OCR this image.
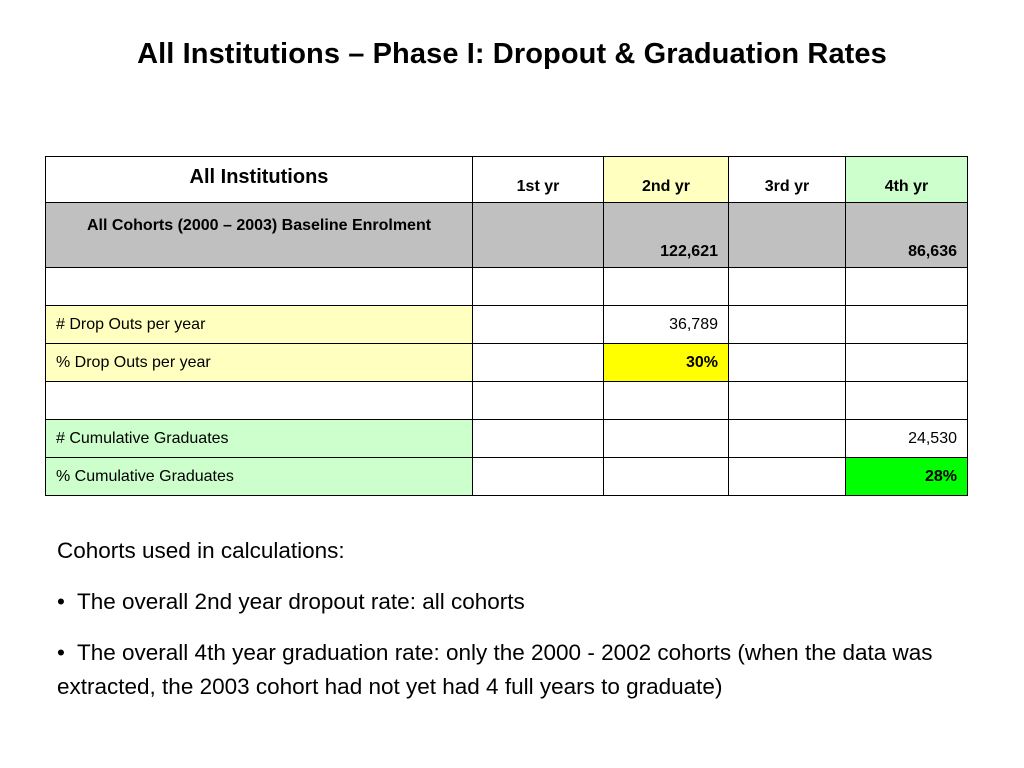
All Institutions – Phase I: Dropout & Graduation Rates
All Institutions	1st yr	2nd yr	3rd yr	4th yr
All Cohorts (2000 – 2003) Baseline Enrolment		122,621		86,636

# Drop Outs per year		36,789		
% Drop Outs per year		30%		

# Cumulative Graduates				24,530
% Cumulative Graduates				28%

Cohorts used in calculations:

• The overall 2nd year dropout rate: all cohorts

• The overall 4th year graduation rate: only the 2000 - 2002 cohorts (when the data was extracted, the 2003 cohort had not yet had 4 full years to graduate)
